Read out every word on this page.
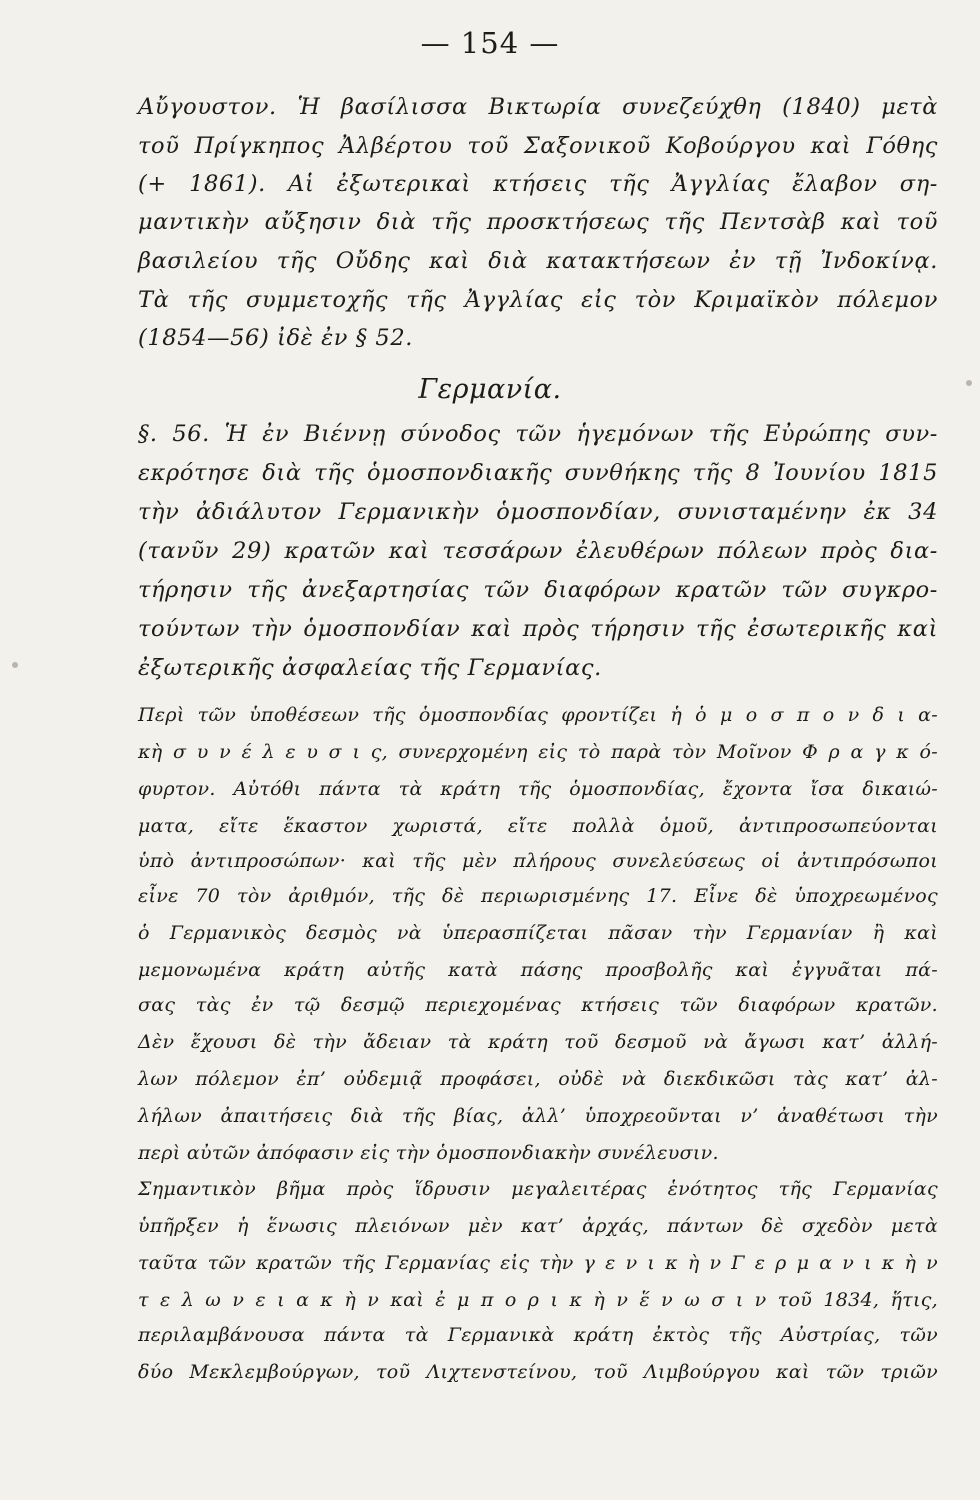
— 154 —
Αὔγουστον. Ἡ βασίλισσα Βικτωρία συνεζεύχθη (1840) μετὰ
τοῦ Πρίγκηπος Ἀλβέρτου τοῦ Σαξονικοῦ Κοβούργου καὶ Γόθης
(+ 1861). Αἱ ἐξωτερικαὶ κτήσεις τῆς Ἀγγλίας ἔλαβον ση-
μαντικὴν αὔξησιν διὰ τῆς προσκτήσεως τῆς Πεντσὰβ καὶ τοῦ
βασιλείου τῆς Οὔδης καὶ διὰ κατακτήσεων ἐν τῇ Ἰνδοκίνᾳ.
Τὰ τῆς συμμετοχῆς τῆς Ἀγγλίας εἰς τὸν Κριμαϊκὸν πόλεμον
(1854—56) ἰδὲ ἐν § 52.
Γερμανία.
§. 56. Ἡ ἐν Βιέννῃ σύνοδος τῶν ἡγεμόνων τῆς Εὐρώπης συν-
εκρότησε διὰ τῆς ὁμοσπονδιακῆς συνθήκης τῆς 8 Ἰουνίου 1815
τὴν ἀδιάλυτον Γερμανικὴν ὁμοσπονδίαν, συνισταμένην ἐκ 34
(τανῦν 29) κρατῶν καὶ τεσσάρων ἐλευθέρων πόλεων πρὸς δια-
τήρησιν τῆς ἀνεξαρτησίας τῶν διαφόρων κρατῶν τῶν συγκρο-
τούντων τὴν ὁμοσπονδίαν καὶ πρὸς τήρησιν τῆς ἐσωτερικῆς καὶ
ἐξωτερικῆς ἀσφαλείας τῆς Γερμανίας.
Περὶ τῶν ὑποθέσεων τῆς ὁμοσπονδίας φροντίζει ἡ ὁ μ ο σ π ο ν δ ι α-
κὴ σ υ ν έ λ ε υ σ ι ς, συνερχομένη εἰς τὸ παρὰ τὸν Μοῖνον Φ ρ α γ κ ό-
φυρτον. Αὐτόθι πάντα τὰ κράτη τῆς ὁμοσπονδίας, ἔχοντα ἴσα δικαιώ-
ματα, εἴτε ἕκαστον χωριστά, εἴτε πολλὰ ὁμοῦ, ἀντιπροσωπεύονται
ὑπὸ ἀντιπροσώπων· καὶ τῆς μὲν πλήρους συνελεύσεως οἱ ἀντιπρόσωποι
εἶνε 70 τὸν ἀριθμόν, τῆς δὲ περιωρισμένης 17. Εἶνε δὲ ὑποχρεωμένος
ὁ Γερμανικὸς δεσμὸς νὰ ὑπερασπίζεται πᾶσαν τὴν Γερμανίαν ἢ καὶ
μεμονωμένα κράτη αὐτῆς κατὰ πάσης προσβολῆς καὶ ἐγγυᾶται πά-
σας τὰς ἐν τῷ δεσμῷ περιεχομένας κτήσεις τῶν διαφόρων κρατῶν.
Δὲν ἔχουσι δὲ τὴν ἄδειαν τὰ κράτη τοῦ δεσμοῦ νὰ ἄγωσι κατ’ ἀλλή-
λων πόλεμον ἐπ’ οὐδεμιᾷ προφάσει, οὐδὲ νὰ διεκδικῶσι τὰς κατ’ ἀλ-
λήλων ἀπαιτήσεις διὰ τῆς βίας, ἀλλ’ ὑποχρεοῦνται ν’ ἀναθέτωσι τὴν
περὶ αὐτῶν ἀπόφασιν εἰς τὴν ὁμοσπονδιακὴν συνέλευσιν.
Σημαντικὸν βῆμα πρὸς ἵδρυσιν μεγαλειτέρας ἑνότητος τῆς Γερμανίας
ὑπῆρξεν ἡ ἕνωσις πλειόνων μὲν κατ’ ἀρχάς, πάντων δὲ σχεδὸν μετὰ
ταῦτα τῶν κρατῶν τῆς Γερμανίας εἰς τὴν γ ε ν ι κ ὴ ν Γ ε ρ μ α ν ι κ ὴ ν
τ ε λ ω ν ε ι α κ ὴ ν καὶ ἐ μ π ο ρ ι κ ὴ ν ἕ ν ω σ ι ν τοῦ 1834, ἥτις,
περιλαμβάνουσα πάντα τὰ Γερμανικὰ κράτη ἐκτὸς τῆς Αὐστρίας, τῶν
δύο Μεκλεμβούργων, τοῦ Λιχτενστείνου, τοῦ Λιμβούργου καὶ τῶν τριῶν
